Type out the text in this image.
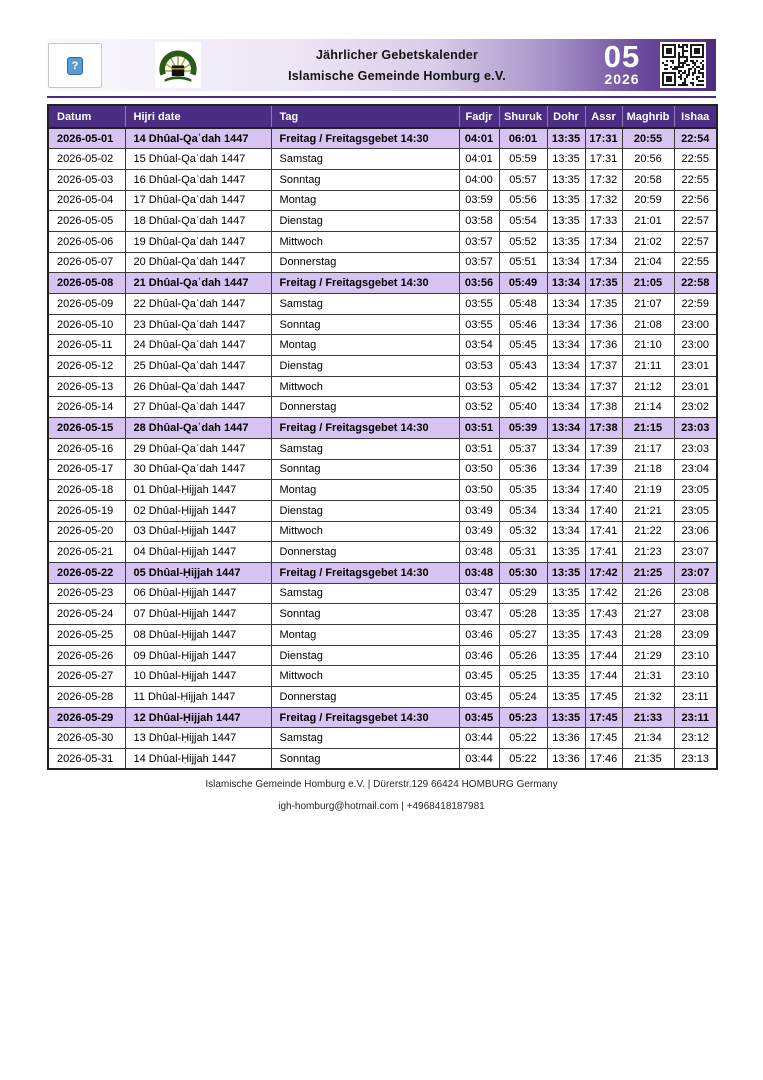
?
Jährlicher Gebetskalender
Islamische Gemeinde Homburg e.V.
05
2026
Datum	Hijri date	Tag	Fadjr	Shuruk	Dohr	Assr	Maghrib	Ishaa
2026-05-01	14 Dhûal-Qaʿdah 1447	Freitag / Freitagsgebet 14:30	04:01	06:01	13:35	17:31	20:55	22:54
2026-05-02	15 Dhûal-Qaʿdah 1447	Samstag	04:01	05:59	13:35	17:31	20:56	22:55
2026-05-03	16 Dhûal-Qaʿdah 1447	Sonntag	04:00	05:57	13:35	17:32	20:58	22:55
2026-05-04	17 Dhûal-Qaʿdah 1447	Montag	03:59	05:56	13:35	17:32	20:59	22:56
2026-05-05	18 Dhûal-Qaʿdah 1447	Dienstag	03:58	05:54	13:35	17:33	21:01	22:57
2026-05-06	19 Dhûal-Qaʿdah 1447	Mittwoch	03:57	05:52	13:35	17:34	21:02	22:57
2026-05-07	20 Dhûal-Qaʿdah 1447	Donnerstag	03:57	05:51	13:34	17:34	21:04	22:55
2026-05-08	21 Dhûal-Qaʿdah 1447	Freitag / Freitagsgebet 14:30	03:56	05:49	13:34	17:35	21:05	22:58
2026-05-09	22 Dhûal-Qaʿdah 1447	Samstag	03:55	05:48	13:34	17:35	21:07	22:59
2026-05-10	23 Dhûal-Qaʿdah 1447	Sonntag	03:55	05:46	13:34	17:36	21:08	23:00
2026-05-11	24 Dhûal-Qaʿdah 1447	Montag	03:54	05:45	13:34	17:36	21:10	23:00
2026-05-12	25 Dhûal-Qaʿdah 1447	Dienstag	03:53	05:43	13:34	17:37	21:11	23:01
2026-05-13	26 Dhûal-Qaʿdah 1447	Mittwoch	03:53	05:42	13:34	17:37	21:12	23:01
2026-05-14	27 Dhûal-Qaʿdah 1447	Donnerstag	03:52	05:40	13:34	17:38	21:14	23:02
2026-05-15	28 Dhûal-Qaʿdah 1447	Freitag / Freitagsgebet 14:30	03:51	05:39	13:34	17:38	21:15	23:03
2026-05-16	29 Dhûal-Qaʿdah 1447	Samstag	03:51	05:37	13:34	17:39	21:17	23:03
2026-05-17	30 Dhûal-Qaʿdah 1447	Sonntag	03:50	05:36	13:34	17:39	21:18	23:04
2026-05-18	01 Dhûal-Ḥijjah 1447	Montag	03:50	05:35	13:34	17:40	21:19	23:05
2026-05-19	02 Dhûal-Ḥijjah 1447	Dienstag	03:49	05:34	13:34	17:40	21:21	23:05
2026-05-20	03 Dhûal-Ḥijjah 1447	Mittwoch	03:49	05:32	13:34	17:41	21:22	23:06
2026-05-21	04 Dhûal-Ḥijjah 1447	Donnerstag	03:48	05:31	13:35	17:41	21:23	23:07
2026-05-22	05 Dhûal-Ḥijjah 1447	Freitag / Freitagsgebet 14:30	03:48	05:30	13:35	17:42	21:25	23:07
2026-05-23	06 Dhûal-Ḥijjah 1447	Samstag	03:47	05:29	13:35	17:42	21:26	23:08
2026-05-24	07 Dhûal-Ḥijjah 1447	Sonntag	03:47	05:28	13:35	17:43	21:27	23:08
2026-05-25	08 Dhûal-Ḥijjah 1447	Montag	03:46	05:27	13:35	17:43	21:28	23:09
2026-05-26	09 Dhûal-Ḥijjah 1447	Dienstag	03:46	05:26	13:35	17:44	21:29	23:10
2026-05-27	10 Dhûal-Ḥijjah 1447	Mittwoch	03:45	05:25	13:35	17:44	21:31	23:10
2026-05-28	11 Dhûal-Ḥijjah 1447	Donnerstag	03:45	05:24	13:35	17:45	21:32	23:11
2026-05-29	12 Dhûal-Ḥijjah 1447	Freitag / Freitagsgebet 14:30	03:45	05:23	13:35	17:45	21:33	23:11
2026-05-30	13 Dhûal-Ḥijjah 1447	Samstag	03:44	05:22	13:36	17:45	21:34	23:12
2026-05-31	14 Dhûal-Ḥijjah 1447	Sonntag	03:44	05:22	13:36	17:46	21:35	23:13
Islamische Gemeinde Homburg e.V. | Dürerstr.129 66424 HOMBURG Germany
igh-homburg@hotmail.com | +4968418187981
